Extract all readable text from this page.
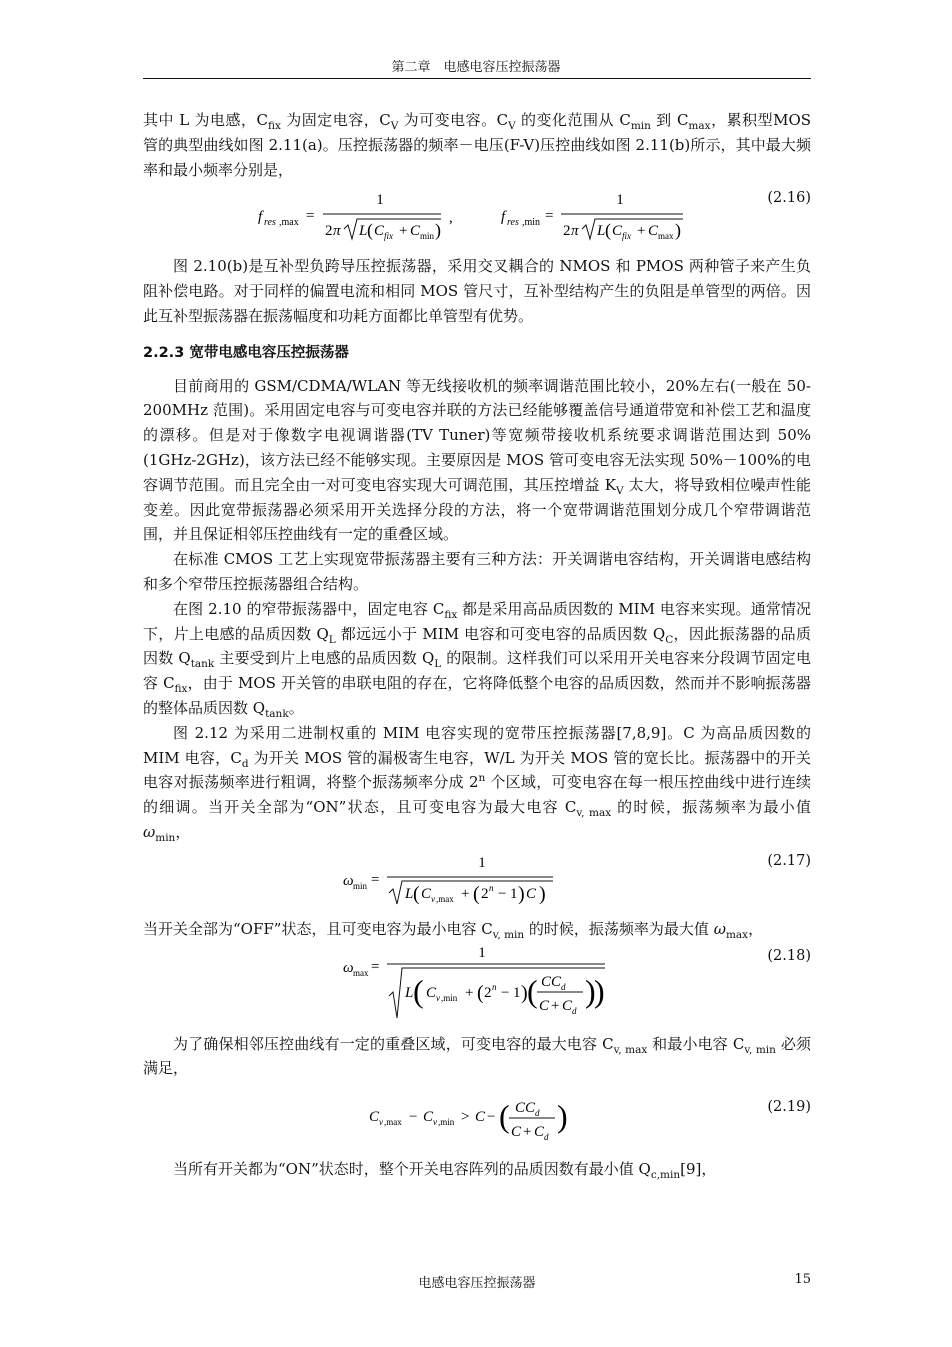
第二章　电感电容压控振荡器

其中 L 为电感，$C_{fix}$ 为固定电容，$C_V$ 为可变电容。$C_V$ 的变化范围从 $C_{min}$ 到 $C_{max}$，累积型MOS 管的典型曲线如图 2.11(a)。压控振荡器的频率－电压(F-V)压控曲线如图 2.11(b)所示，其中最大频率和最小频率分别是，

f res ,max =
1
2 π L ( C fix + C min )
,	f res ,min =
1
2 π L ( C fix + C max )
(2.16)

图 2.10(b)是互补型负跨导压控振荡器，采用交叉耦合的 NMOS 和 PMOS 两种管子来产生负阻补偿电路。对于同样的偏置电流和相同 MOS 管尺寸，互补型结构产生的负阻是单管型的两倍。因此互补型振荡器在振荡幅度和功耗方面都比单管型有优势。

2.2.3 宽带电感电容压控振荡器

目前商用的 GSM/CDMA/WLAN 等无线接收机的频率调谐范围比较小，20%左右(一般在 50-200MHz 范围)。采用固定电容与可变电容并联的方法已经能够覆盖信号通道带宽和补偿工艺和温度的漂移。但是对于像数字电视调谐器(TV Tuner)等宽频带接收机系统要求调谐范围达到 50%(1GHz-2GHz)，该方法已经不能够实现。主要原因是 MOS 管可变电容无法实现 50%－100%的电容调节范围。而且完全由一对可变电容实现大可调范围，其压控增益 $K_V$ 太大，将导致相位噪声性能变差。因此宽带振荡器必须采用开关选择分段的方法，将一个宽带调谐范围划分成几个窄带调谐范围，并且保证相邻压控曲线有一定的重叠区域。

在标准 CMOS 工艺上实现宽带振荡器主要有三种方法：开关调谐电容结构，开关调谐电感结构和多个窄带压控振荡器组合结构。

在图 2.10 的窄带振荡器中，固定电容 $C_{fix}$ 都是采用高品质因数的 MIM 电容来实现。通常情况下，片上电感的品质因数 $Q_L$ 都远远小于 MIM 电容和可变电容的品质因数 $Q_C$，因此振荡器的品质因数 $Q_{tank}$ 主要受到片上电感的品质因数 $Q_L$ 的限制。这样我们可以采用开关电容来分段调节固定电容 $C_{fix}$，由于 MOS 开关管的串联电阻的存在，它将降低整个电容的品质因数，然而并不影响振荡器的整体品质因数 $Q_{tank}$。

图 2.12 为采用二进制权重的 MIM 电容实现的宽带压控振荡器[7,8,9]。C 为高品质因数的 MIM 电容，$C_d$ 为开关 MOS 管的漏极寄生电容，W/L 为开关 MOS 管的宽长比。振荡器中的开关电容对振荡频率进行粗调，将整个振荡频率分成 2$^n$ 个区域，可变电容在每一根压控曲线中进行连续的细调。当开关全部为“ON”状态，且可变电容为最大电容 $C_{v, max}$ 的时候，振荡频率为最小值 $\omega_{min}$，

ω min =
1
L ( C v ,max + ( 2 n − 1 ) C )
(2.17)

当开关全部为“OFF”状态，且可变电容为最小电容 $C_{v, min}$ 的时候，振荡频率为最大值 $\omega_{max}$，

ω max =
1
L ( C v ,min + ( 2 n − 1 ) ( CC d
C + C d
)
)
(2.18)

为了确保相邻压控曲线有一定的重叠区域，可变电容的最大电容 $C_{v, max}$ 和最小电容 $C_{v, min}$ 必须满足，

C v ,max − C v ,min > C − ( CC d
C + C d
)	(2.19)

当所有开关都为“ON”状态时，整个开关电容阵列的品质因数有最小值 $Q_{c,min}[9]$，

电感电容压控振荡器	15
